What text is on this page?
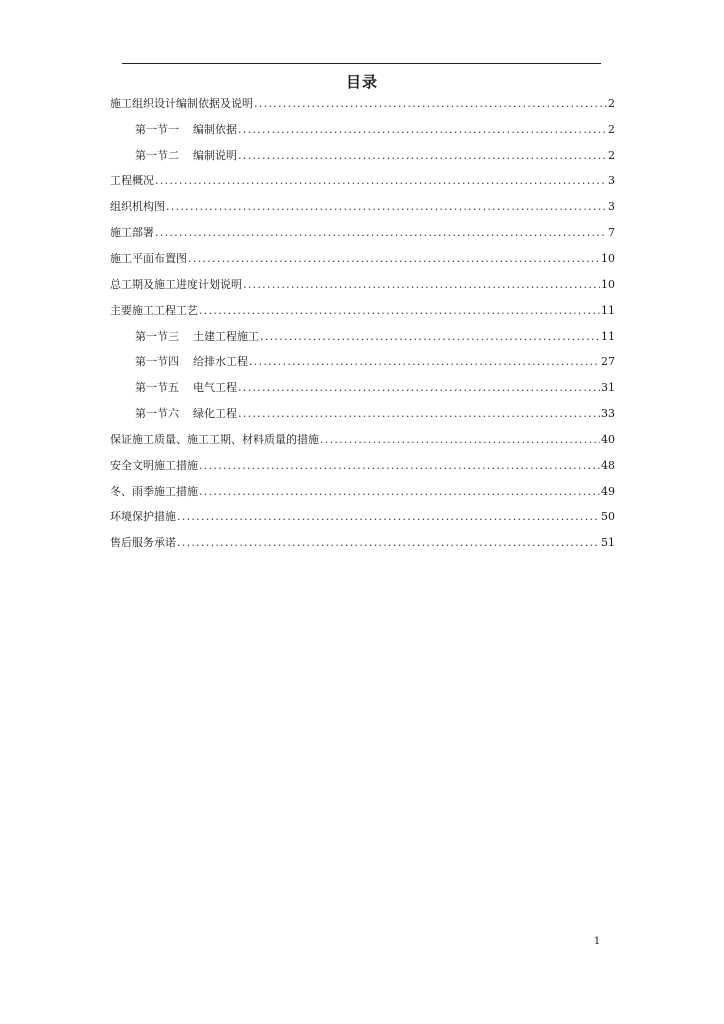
目录
施工组织设计编制依据及说明 .....	2
第一节一 编制依据 .....	2
第一节二 编制说明 .....	2
工程概况 .....	3
组织机构图 .....	3
施工部署 .....	7
施工平面布置图 .....	10
总工期及施工进度计划说明 .....	10
主要施工工程工艺 .....	11
第一节三 土建工程施工 .....	11
第一节四 给排水工程 .....	27
第一节五 电气工程 .....	31
第一节六 绿化工程 .....	33
保证施工质量、施工工期、材料质量的措施 .....	40
安全文明施工措施 .....	48
冬、雨季施工措施 .....	49
环境保护措施 .....	50
售后服务承诺 .....	51
1
